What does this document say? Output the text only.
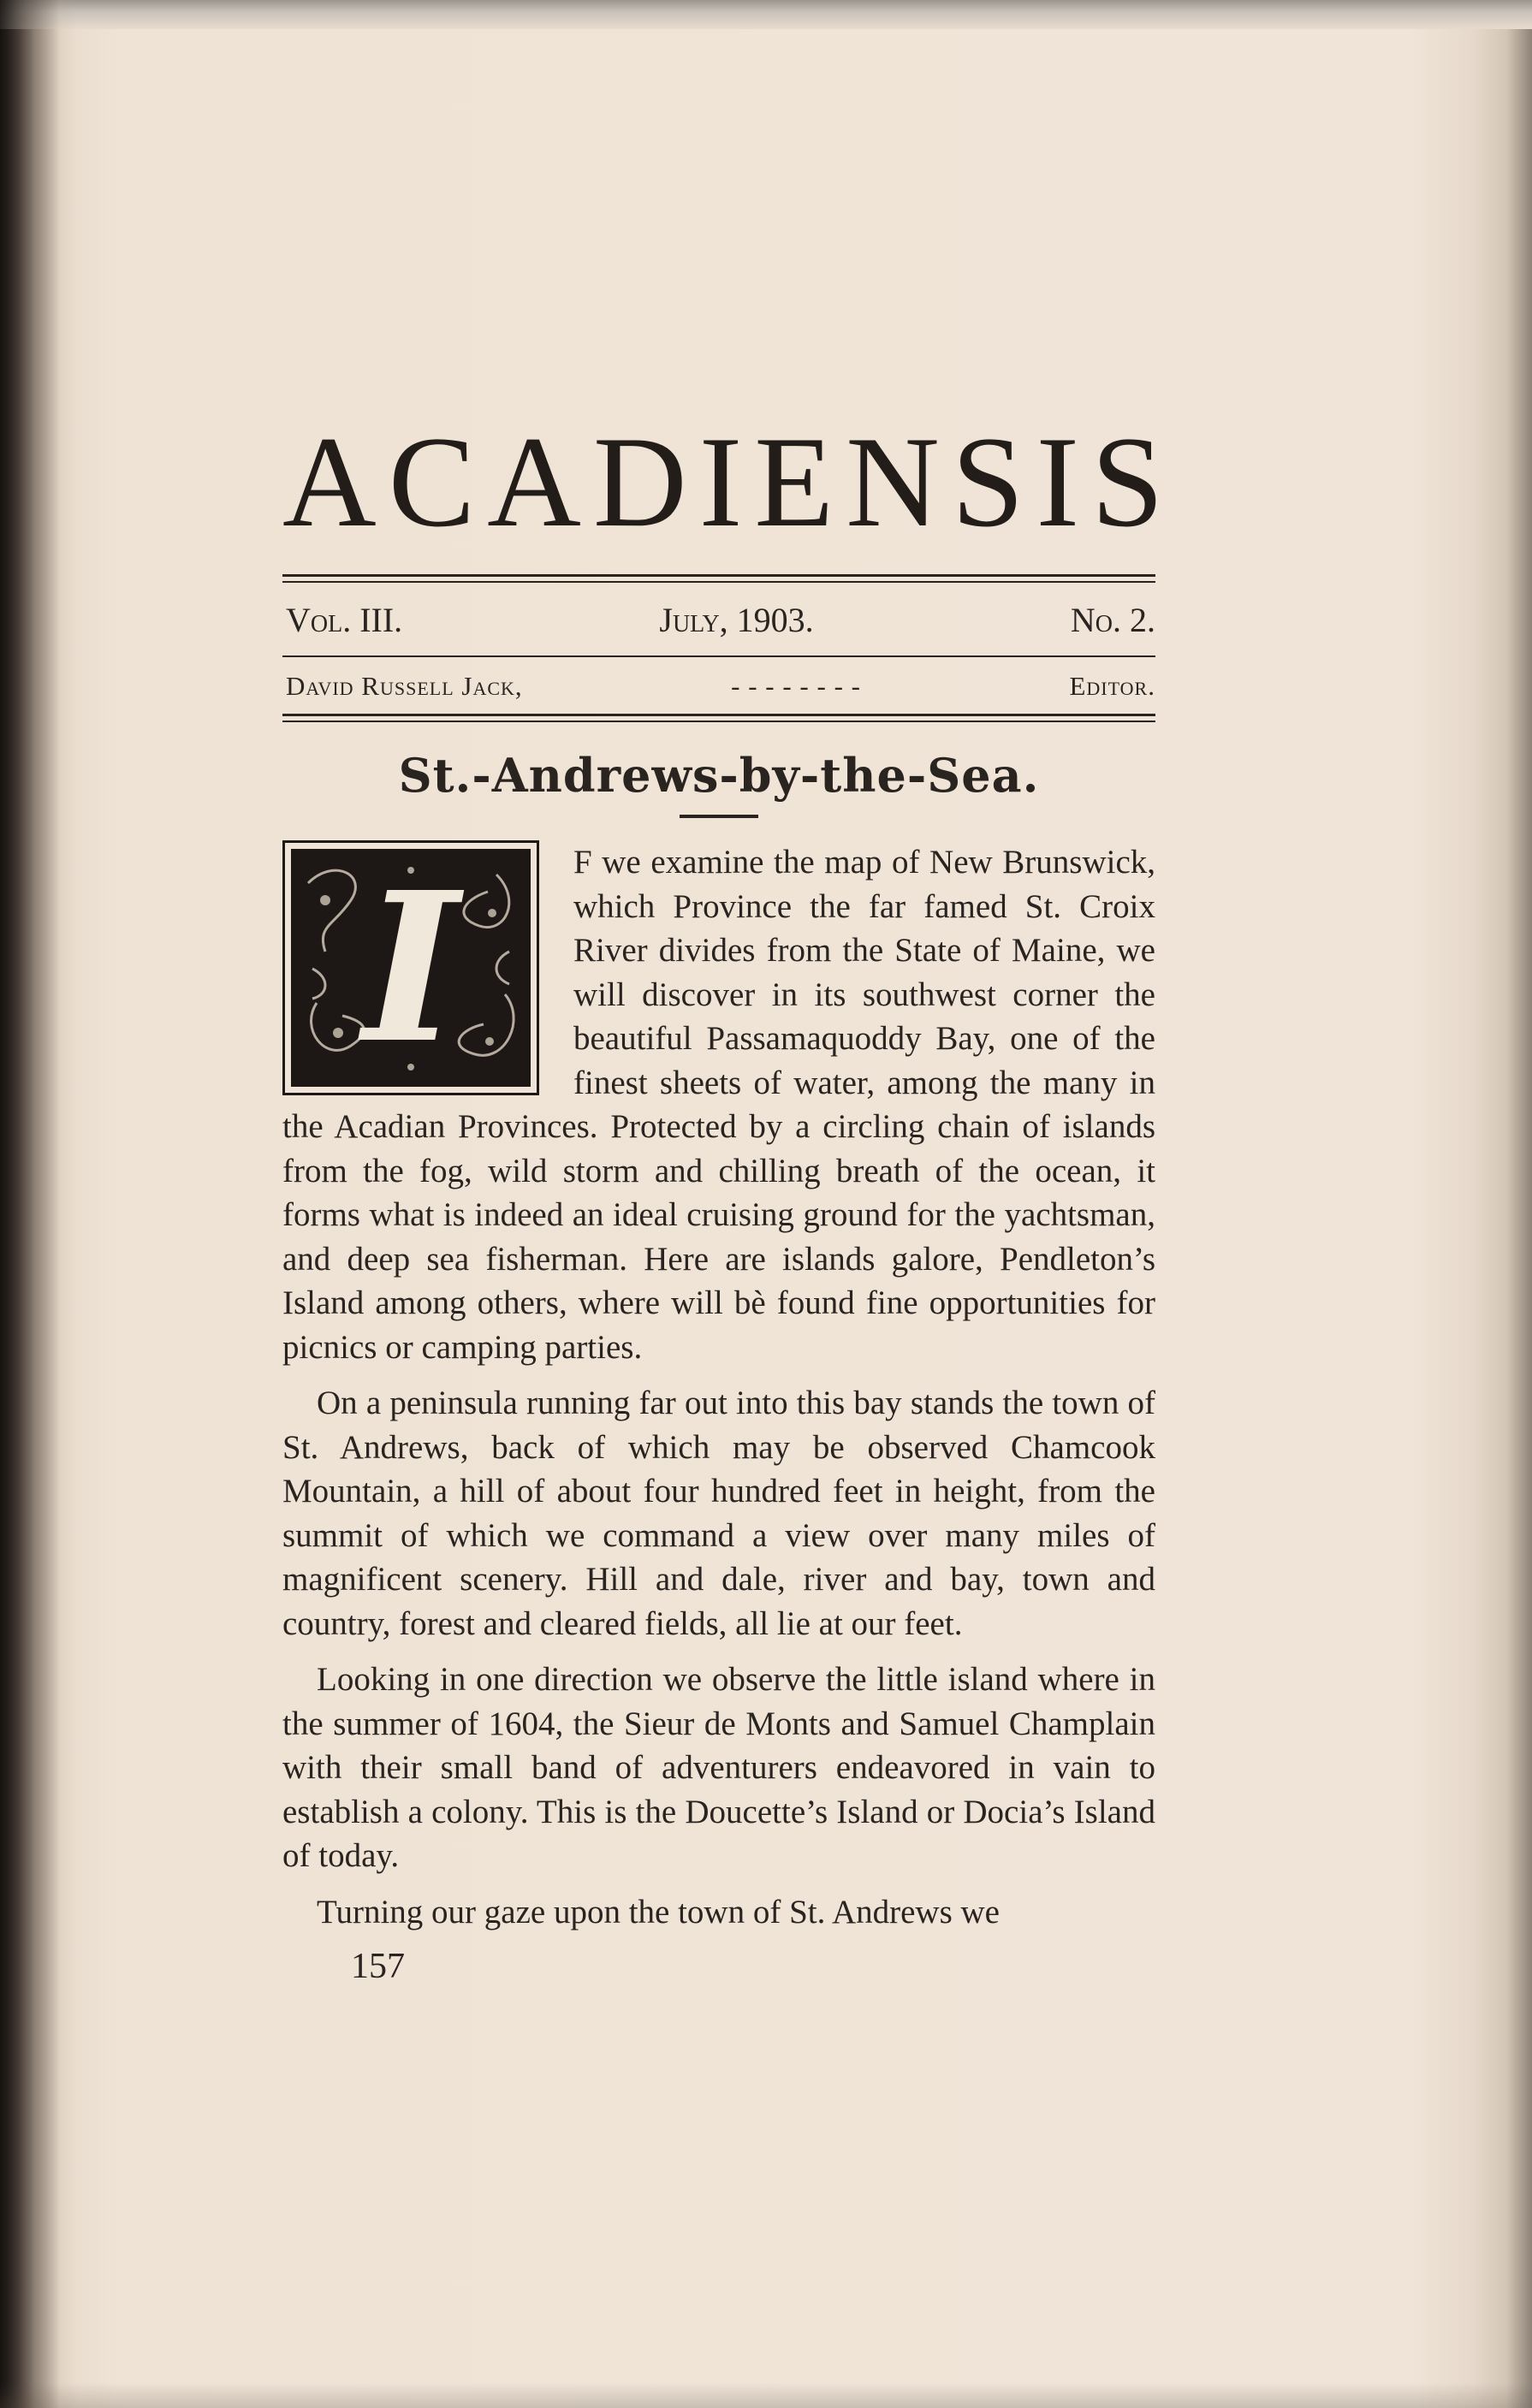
ACADIENSIS
Vol. III.	July, 1903.	No. 2.
David Russell Jack,	- - - - - - - -	Editor.
St.-Andrews-by-the-Sea.
I	F we examine the map of New Brunswick, which Province the far famed St. Croix River divides from the State of Maine, we will discover in its southwest corner the beautiful Passamaquoddy Bay, one of the finest sheets of water, among the many in the Acadian Provinces. Protected by a circling chain of islands from the fog, wild storm and chilling breath of the ocean, it forms what is indeed an ideal cruising ground for the yachtsman, and deep sea fisherman. Here are islands galore, Pendleton’s Island among others, where will bè found fine opportunities for picnics or camping parties.

On a peninsula running far out into this bay stands the town of St. Andrews, back of which may be observed Chamcook Mountain, a hill of about four hundred feet in height, from the summit of which we command a view over many miles of magnificent scenery. Hill and dale, river and bay, town and country, forest and cleared fields, all lie at our feet.

Looking in one direction we observe the little island where in the summer of 1604, the Sieur de Monts and Samuel Champlain with their small band of adventurers endeavored in vain to establish a colony. This is the Doucette’s Island or Docia’s Island of today.

Turning our gaze upon the town of St. Andrews we

157
